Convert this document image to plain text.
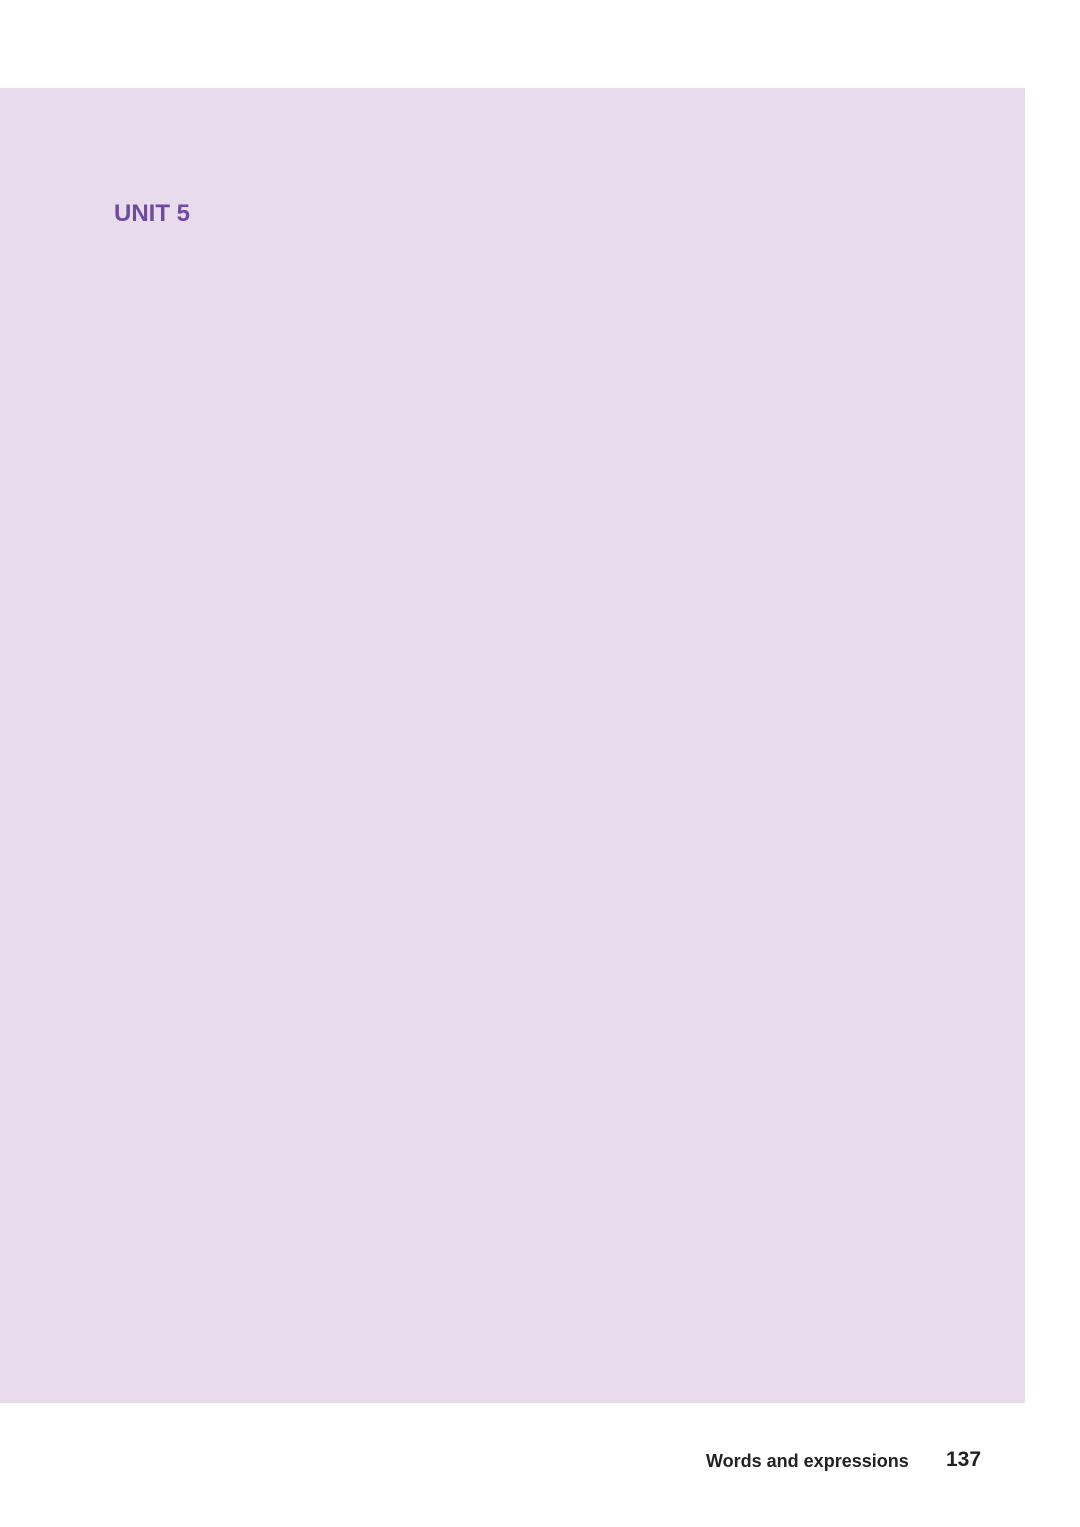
UNIT 5
Words and expressions 137
